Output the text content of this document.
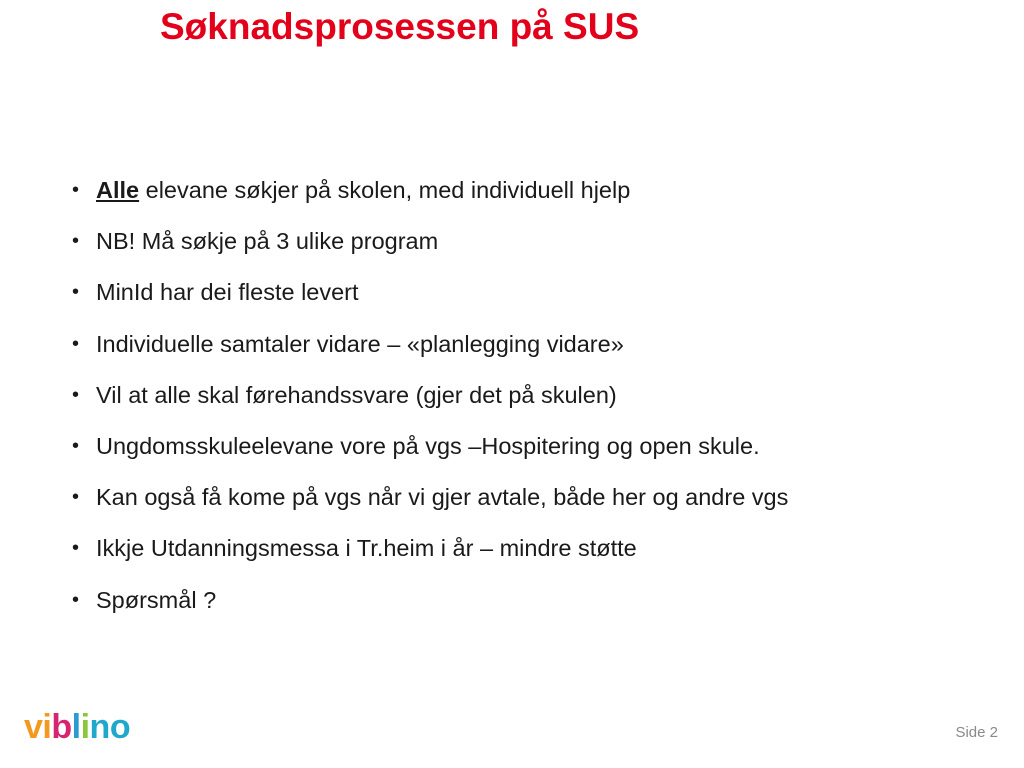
Søknadsprosessen på SUS
• Alle elevane søkjer på skolen, med individuell hjelp
• NB! Må søkje på 3 ulike program
• MinId har dei fleste levert
• Individuelle samtaler vidare – «planlegging vidare»
• Vil at alle skal førehandssvare (gjer det på skulen)
• Ungdomsskuleelevane vore på vgs –Hospitering og open skule.
• Kan også få kome på vgs når vi gjer avtale, både her og andre vgs
• Ikkje Utdanningsmessa i Tr.heim i år – mindre støtte
• Spørsmål ?
viblino	Side 2
